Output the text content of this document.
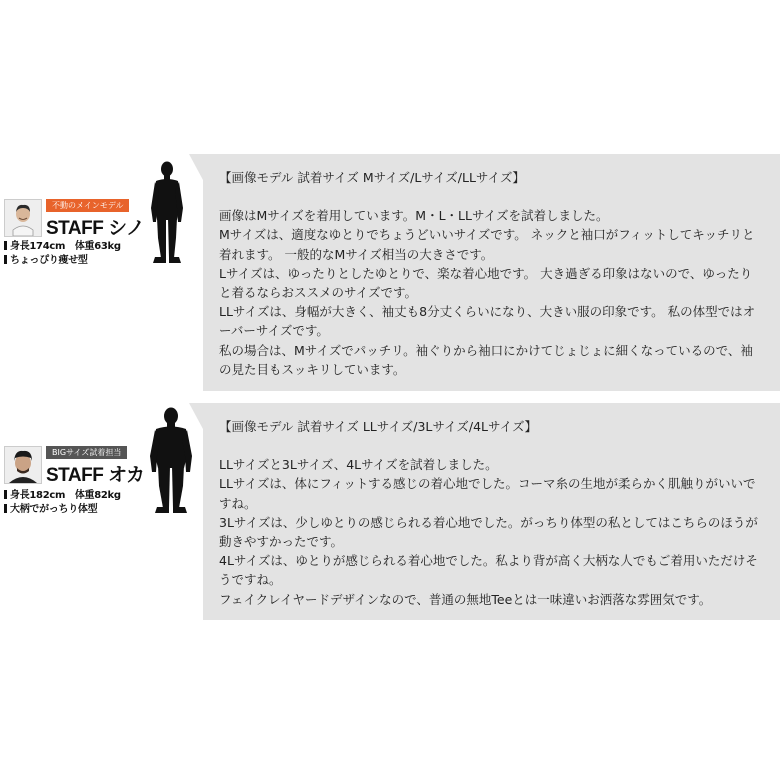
不動のメインモデル
STAFF シノ
身長174cm　体重63kg
ちょっぴり痩せ型
【画像モデル 試着サイズ Mサイズ/Lサイズ/LLサイズ】
画像はMサイズを着用しています。M・L・LLサイズを試着しました。
Mサイズは、適度なゆとりでちょうどいいサイズです。 ネックと袖口がフィットしてキッチリと着れます。 一般的なMサイズ相当の大きさです。
Lサイズは、ゆったりとしたゆとりで、楽な着心地です。 大き過ぎる印象はないので、ゆったりと着るならおススメのサイズです。
LLサイズは、身幅が大きく、袖丈も8分丈くらいになり、大きい服の印象です。 私の体型ではオーバーサイズです。
私の場合は、Mサイズでパッチリ。袖ぐりから袖口にかけてじょじょに細くなっているので、袖の見た目もスッキリしています。
BIGサイズ試着担当
STAFF オカ
身長182cm　体重82kg
大柄でがっちり体型
【画像モデル 試着サイズ LLサイズ/3Lサイズ/4Lサイズ】
LLサイズと3Lサイズ、4Lサイズを試着しました。
LLサイズは、体にフィットする感じの着心地でした。コーマ糸の生地が柔らかく肌触りがいいですね。
3Lサイズは、少しゆとりの感じられる着心地でした。がっちり体型の私としてはこちらのほうが動きやすかったです。
4Lサイズは、ゆとりが感じられる着心地でした。私より背が高く大柄な人でもご着用いただけそうですね。
フェイクレイヤードデザインなので、普通の無地Teeとは一味違いお洒落な雰囲気です。
